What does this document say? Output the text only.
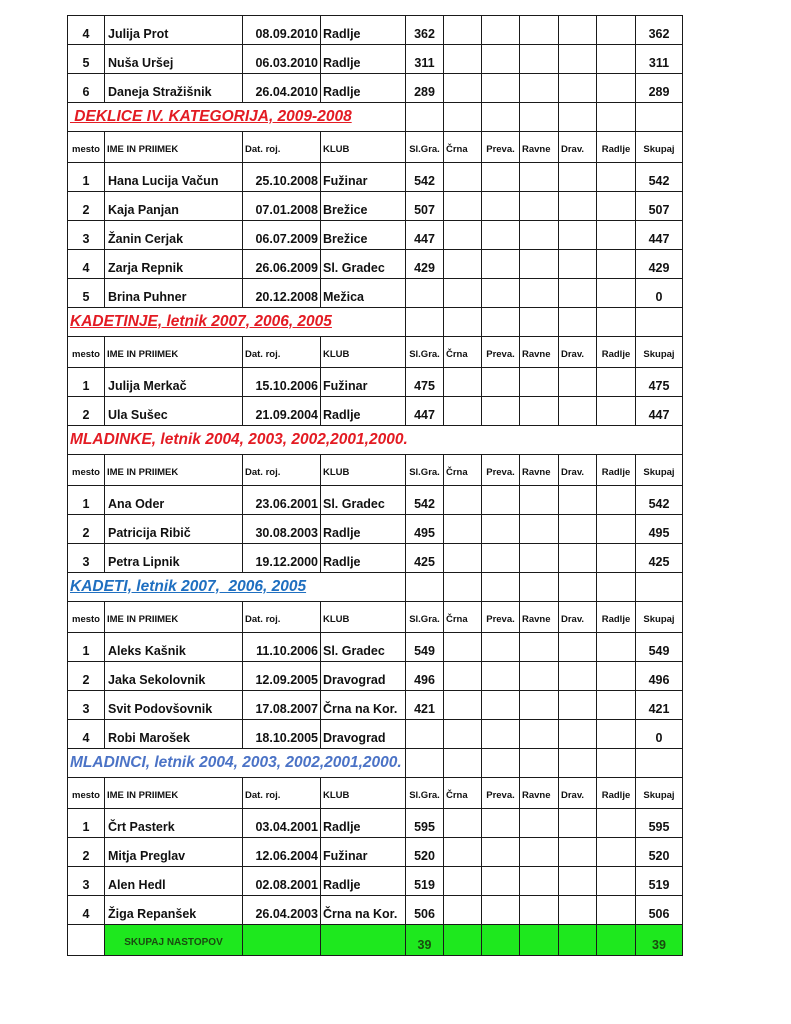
4	Julija Prot	08.09.2010	Radlje	362						362
5	Nuša Uršej	06.03.2010	Radlje	311						311
6	Daneja Stražišnik	26.04.2010	Radlje	289						289
DEKLICE IV. KATEGORIJA, 2009-2008										
mesto	IME IN PRIIMEK	Dat. roj.	KLUB	Sl.Gra.	Črna	Preva.	Ravne	Drav.	Radlje	Skupaj
1	Hana Lucija Vačun	25.10.2008	Fužinar	542						542
2	Kaja Panjan	07.01.2008	Brežice	507						507
3	Žanin Cerjak	06.07.2009	Brežice	447						447
4	Zarja Repnik	26.06.2009	Sl. Gradec	429						429
5	Brina Puhner	20.12.2008	Mežica							0
KADETINJE, letnik 2007, 2006, 2005										
mesto	IME IN PRIIMEK	Dat. roj.	KLUB	Sl.Gra.	Črna	Preva.	Ravne	Drav.	Radlje	Skupaj
1	Julija Merkač	15.10.2006	Fužinar	475						475
2	Ula Sušec	21.09.2004	Radlje	447						447
MLADINKE, letnik 2004, 2003, 2002,2001,2000.										
mesto	IME IN PRIIMEK	Dat. roj.	KLUB	Sl.Gra.	Črna	Preva.	Ravne	Drav.	Radlje	Skupaj
1	Ana Oder	23.06.2001	Sl. Gradec	542						542
2	Patricija Ribič	30.08.2003	Radlje	495						495
3	Petra Lipnik	19.12.2000	Radlje	425						425
KADETI, letnik 2007,  2006, 2005										
mesto	IME IN PRIIMEK	Dat. roj.	KLUB	Sl.Gra.	Črna	Preva.	Ravne	Drav.	Radlje	Skupaj
1	Aleks Kašnik	11.10.2006	Sl. Gradec	549						549
2	Jaka Sekolovnik	12.09.2005	Dravograd	496						496
3	Svit Podovšovnik	17.08.2007	Črna na Kor.	421						421
4	Robi Marošek	18.10.2005	Dravograd							0
MLADINCI, letnik 2004, 2003, 2002,2001,2000.										
mesto	IME IN PRIIMEK	Dat. roj.	KLUB	Sl.Gra.	Črna	Preva.	Ravne	Drav.	Radlje	Skupaj
1	Črt Pasterk	03.04.2001	Radlje	595						595
2	Mitja Preglav	12.06.2004	Fužinar	520						520
3	Alen Hedl	02.08.2001	Radlje	519						519
4	Žiga Repanšek	26.04.2003	Črna na Kor.	506						506
	SKUPAJ NASTOPOV			39						39
